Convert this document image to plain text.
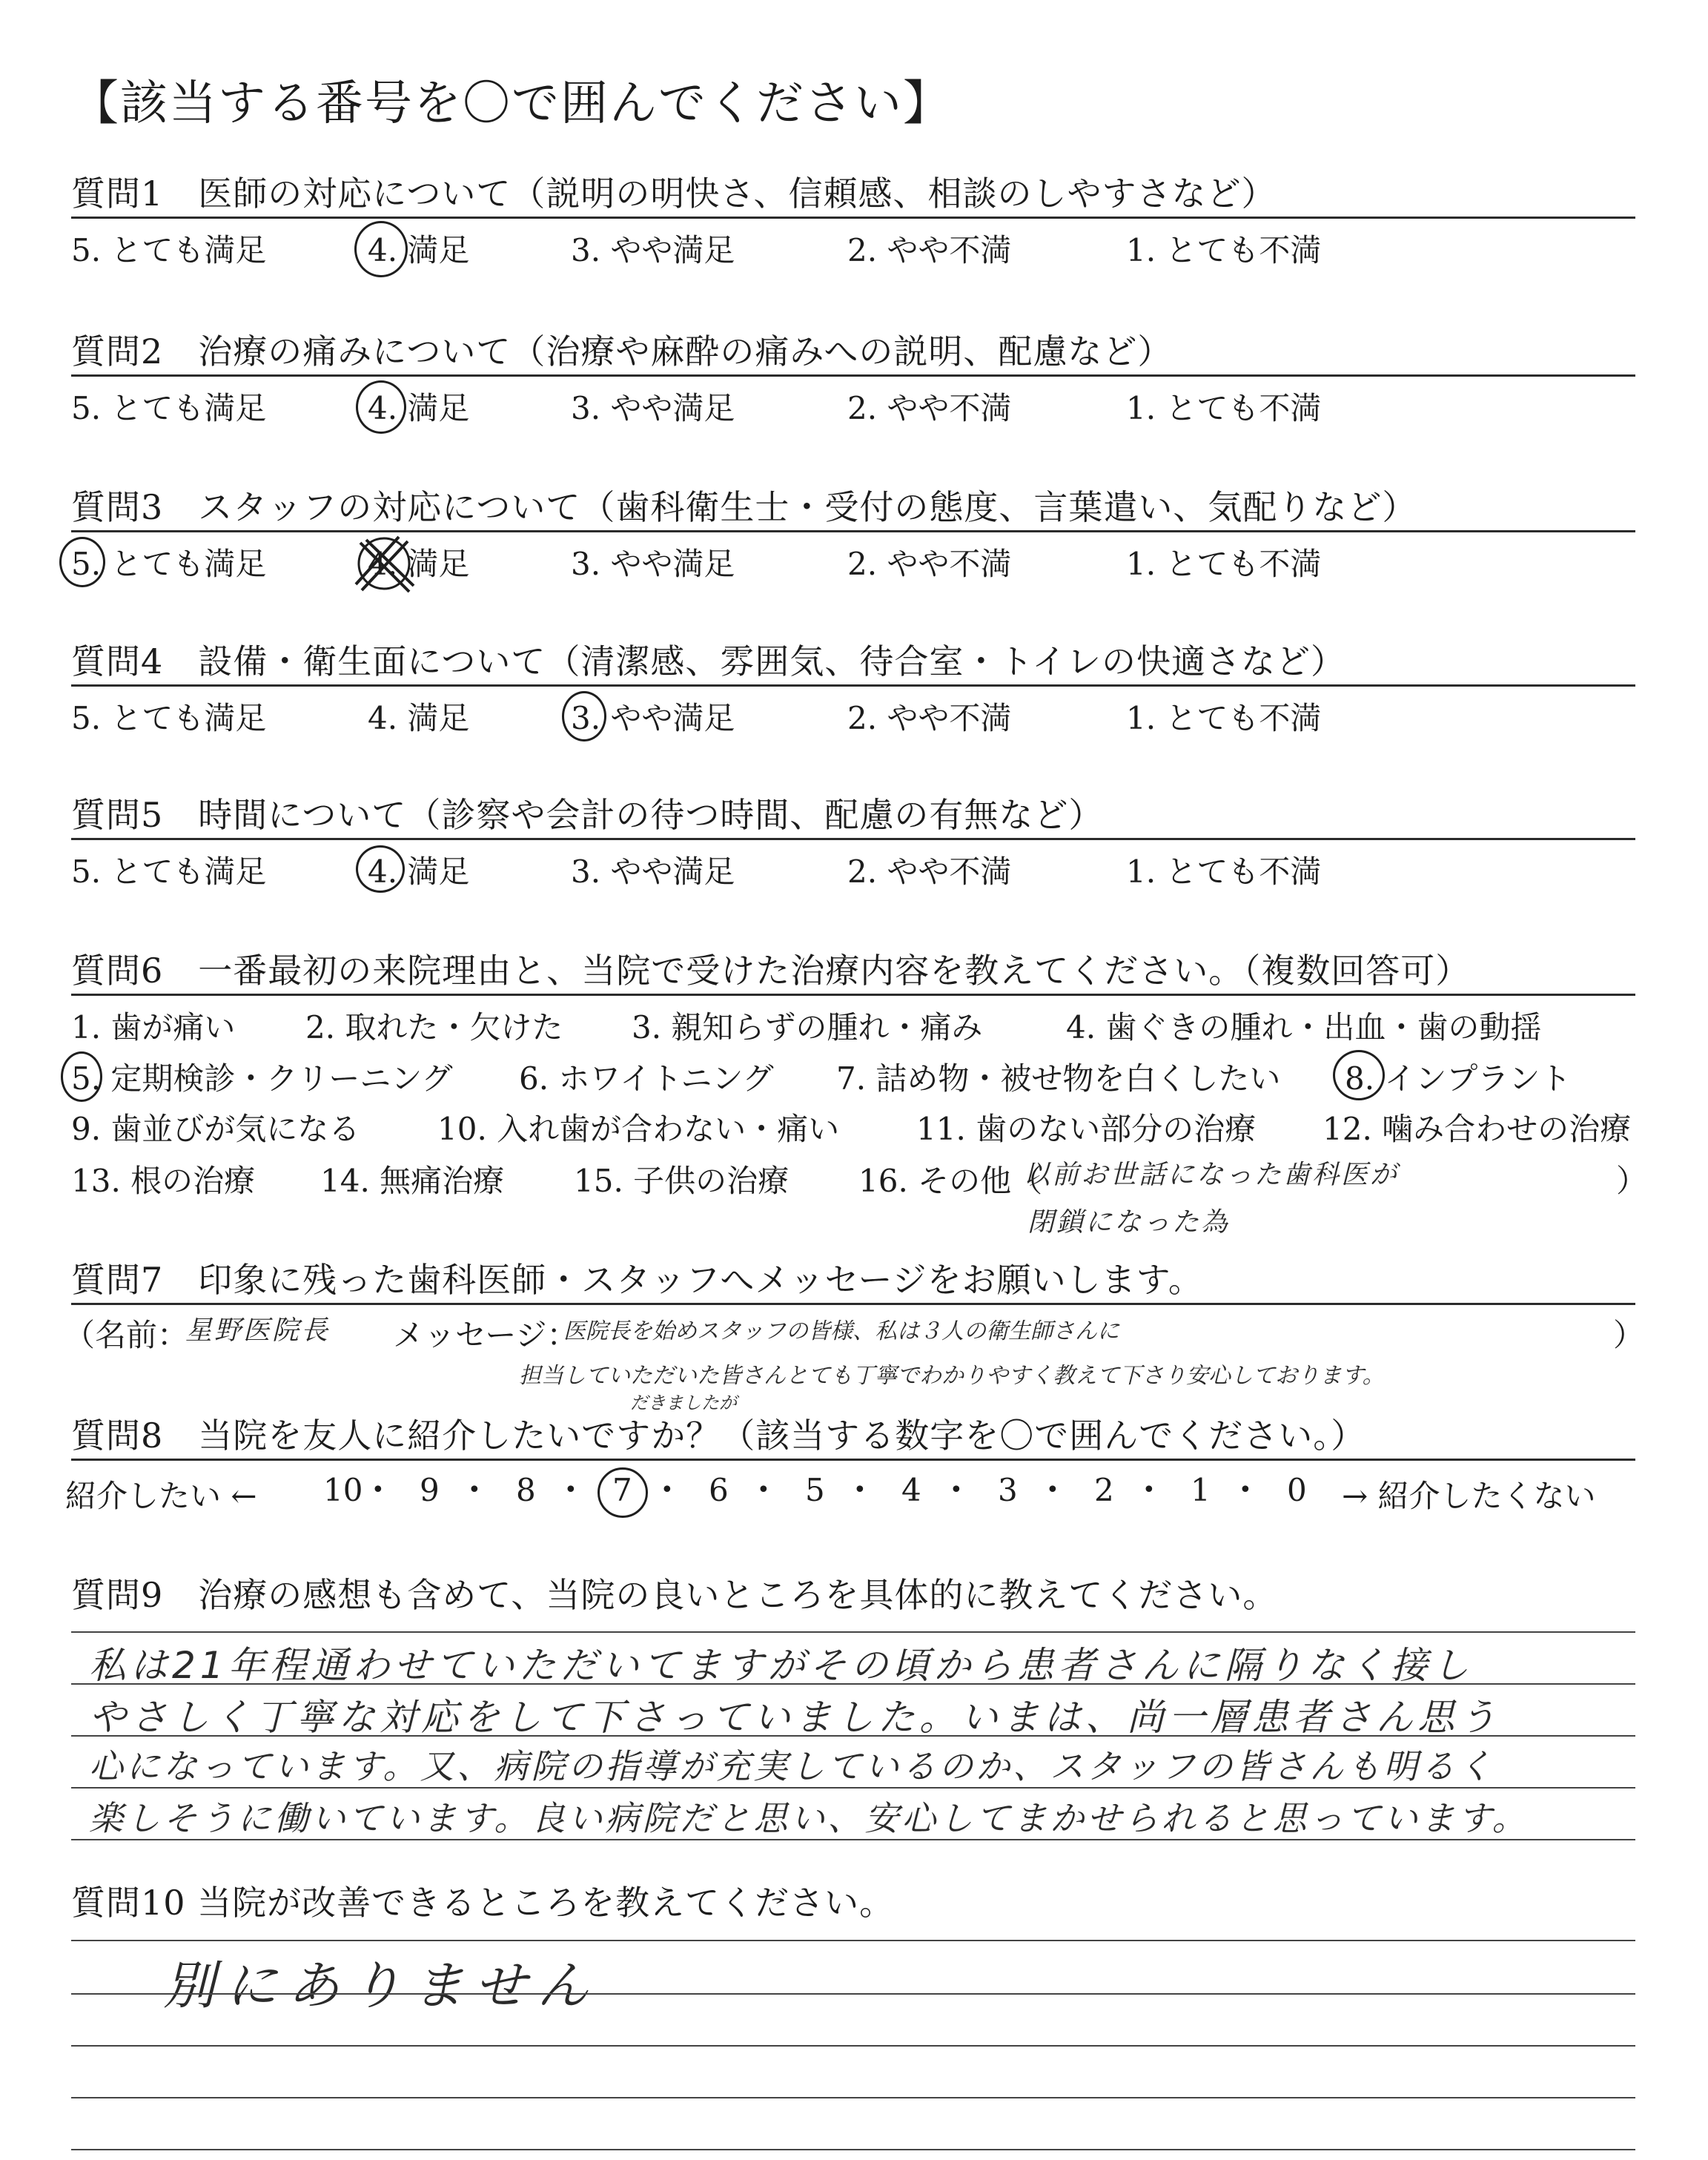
【該当する番号を〇で囲んでください】
質問1　医師の対応について（説明の明快さ、信頼感、相談のしやすさなど）
5. とても満足	4. 満足	3. やや満足	2. やや不満	1. とても不満
質問2　治療の痛みについて（治療や麻酔の痛みへの説明、配慮など）
5. とても満足	4. 満足	3. やや満足	2. やや不満	1. とても不満
質問3　スタッフの対応について（歯科衛生士・受付の態度、言葉遣い、気配りなど）
5. とても満足	4. 満足	3. やや満足	2. やや不満	1. とても不満
質問4　設備・衛生面について（清潔感、雰囲気、待合室・トイレの快適さなど）
5. とても満足	4. 満足	3. やや満足	2. やや不満	1. とても不満
質問5　時間について（診察や会計の待つ時間、配慮の有無など）
5. とても満足	4. 満足	3. やや満足	2. やや不満	1. とても不満
質問6　一番最初の来院理由と、当院で受けた治療内容を教えてください。（複数回答可）
1. 歯が痛い 2. 取れた・欠けた 3. 親知らずの腫れ・痛み	4. 歯ぐきの腫れ・出血・歯の動揺
5. 定期検診・クリーニング 6. ホワイトニング 7. 詰め物・被せ物を白くしたい 8. インプラント
9. 歯並びが気になる 10. 入れ歯が合わない・痛い 11. 歯のない部分の治療 12. 噛み合わせの治療
13. 根の治療 14. 無痛治療 15. 子供の治療 16. その他（
以前お世話になった歯科医が	）
閉鎖になった為
質問7　印象に残った歯科医師・スタッフへメッセージをお願いします。
（名前：
星野医院長 メッセージ：
医院長を始めスタッフの皆様、私は３人の衛生師さんに	）
担当していただいた皆さんとても丁寧でわかりやすく教えて下さり安心しております。
だきましたが
質問8　当院を友人に紹介したいですか？（該当する数字を〇で囲んでください。）
紹介したい ←	→ 紹介したくない
10 • 9 • 8 • 7 • 6 • 5 • 4 • 3 • 2 • 1 • 0
質問9　治療の感想も含めて、当院の良いところを具体的に教えてください。
私は21年程通わせていただいてますがその頃から患者さんに隔りなく接し
やさしく丁寧な対応をして下さっていました。いまは、尚一層患者さん思う
心になっています。又、病院の指導が充実しているのか、スタッフの皆さんも明るく
楽しそうに働いています。良い病院だと思い、安心してまかせられると思っています。
質問10 当院が改善できるところを教えてください。
別にありません
